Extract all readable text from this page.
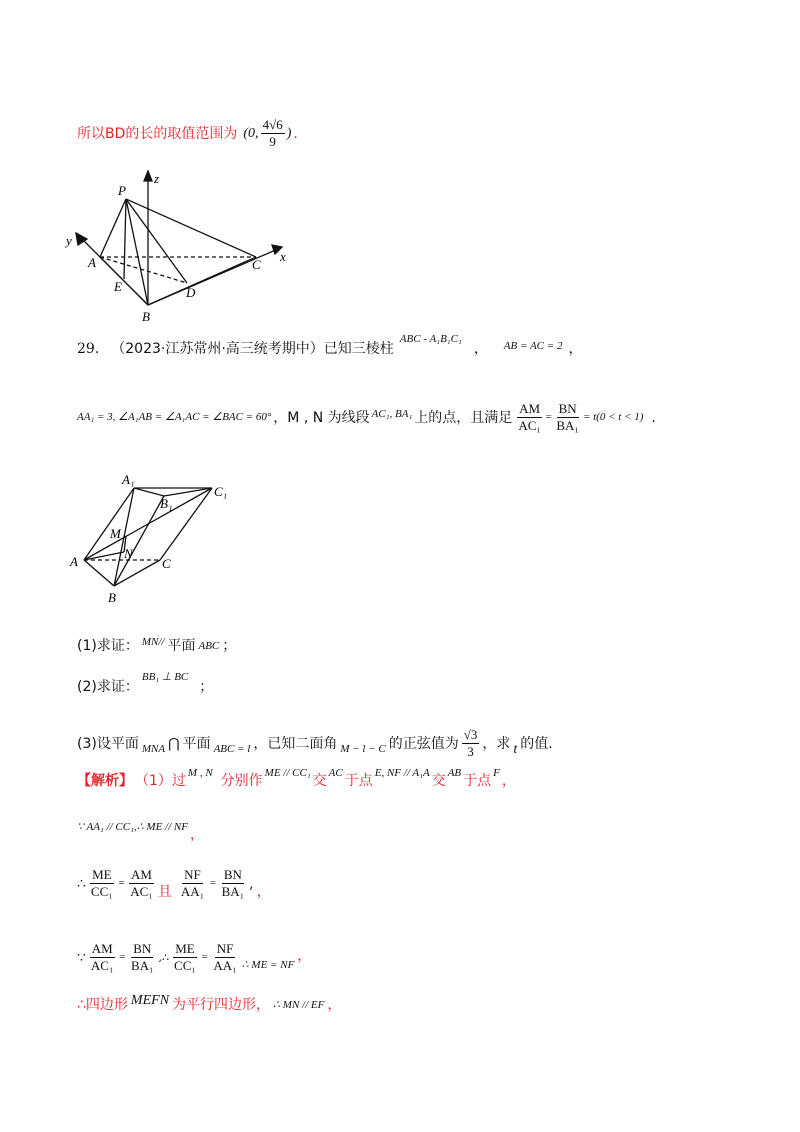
所以BD的长的取值范围为 (0, $\frac{4√6}{9}$ ) .
P
z
y
x
A	C
E	D
B
29. （2023·江苏常州·高三统考期中）已知三棱柱
ABC - A₁B₁C₁
， AB = AC = 2 ，
AA₁ = 3, ∠A₁AB = ∠A₁AC = ∠BAC = 60° ，M , N 为线段 AC₁, BA₁ 上的点，且满足 $\frac{AM}{\text{AC₁}} = \frac{BN}{\text{BA₁}} = t(0 < t < 1)$ .
A₁
B₁
C₁
M
N
A	C
B
(1)求证： MN// 平面 ABC ；
(2)求证：
BB₁ ⊥ BC
；
(3)设平面 MNA ⋂ 平面 ABC = l ，已知二面角 M − l − C 的正弦值为 $\frac{√3}{3}$ ，求 t 的值.
【解析】 （1）过
M , N
分别作
ME // CC₁
交
AC
于点
E, NF // A₁A
交
AB
于点
F
，
∵ AA₁ // CC₁,∴ ME // NF
，
∴ $\frac{ME}{\text{CC₁}} = \frac{AM}{\text{AC₁}}$ 且 $\frac{NF}{\text{AA₁}} = \frac{BN}{\text{BA₁}}$ , ，
∵ $\frac{AM}{\text{AC₁}} = \frac{BN}{\text{BA₁}}$ ,∴ $\frac{ME}{\text{CC₁}} = \frac{NF}{\text{AA₁}}$ ∴ ME = NF
，
∴四边形 MEFN 为平行四边形， ∴ MN // EF ，
